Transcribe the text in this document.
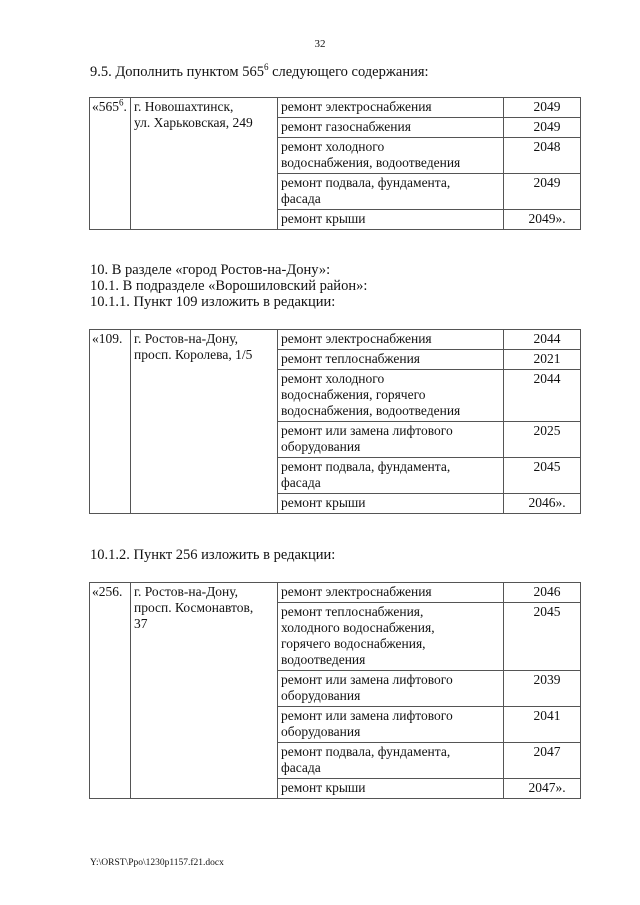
32
9.5. Дополнить пунктом $565^6$ следующего содержания:
«$565^6$.	г. Новошахтинск,
ул. Харьковская, 249	ремонт электроснабжения	2049

		ремонт газоснабжения	2049

		ремонт холодного
водоснабжения, водоотведения	2048

		ремонт подвала, фундамента,
фасада	2049

		ремонт крыши	2049».
10. В разделе «город Ростов-на-Дону»:
10.1. В подразделе «Ворошиловский район»:
10.1.1. Пункт 109 изложить в редакции:
«109.	г. Ростов-на-Дону,
просп. Королева, 1/5	ремонт электроснабжения	2044

		ремонт теплоснабжения	2021

		ремонт холодного
водоснабжения, горячего
водоснабжения, водоотведения	2044

		ремонт или замена лифтового
оборудования	2025

		ремонт подвала, фундамента,
фасада	2045

		ремонт крыши	2046».
10.1.2. Пункт 256 изложить в редакции:
«256.	г. Ростов-на-Дону,
просп. Космонавтов,
37	ремонт электроснабжения	2046

		ремонт теплоснабжения,
холодного водоснабжения,
горячего водоснабжения,
водоотведения	2045

		ремонт или замена лифтового
оборудования	2039

		ремонт или замена лифтового
оборудования	2041

		ремонт подвала, фундамента,
фасада	2047

		ремонт крыши	2047».
Y:\ORST\Ppo\1230p1157.f21.docx
